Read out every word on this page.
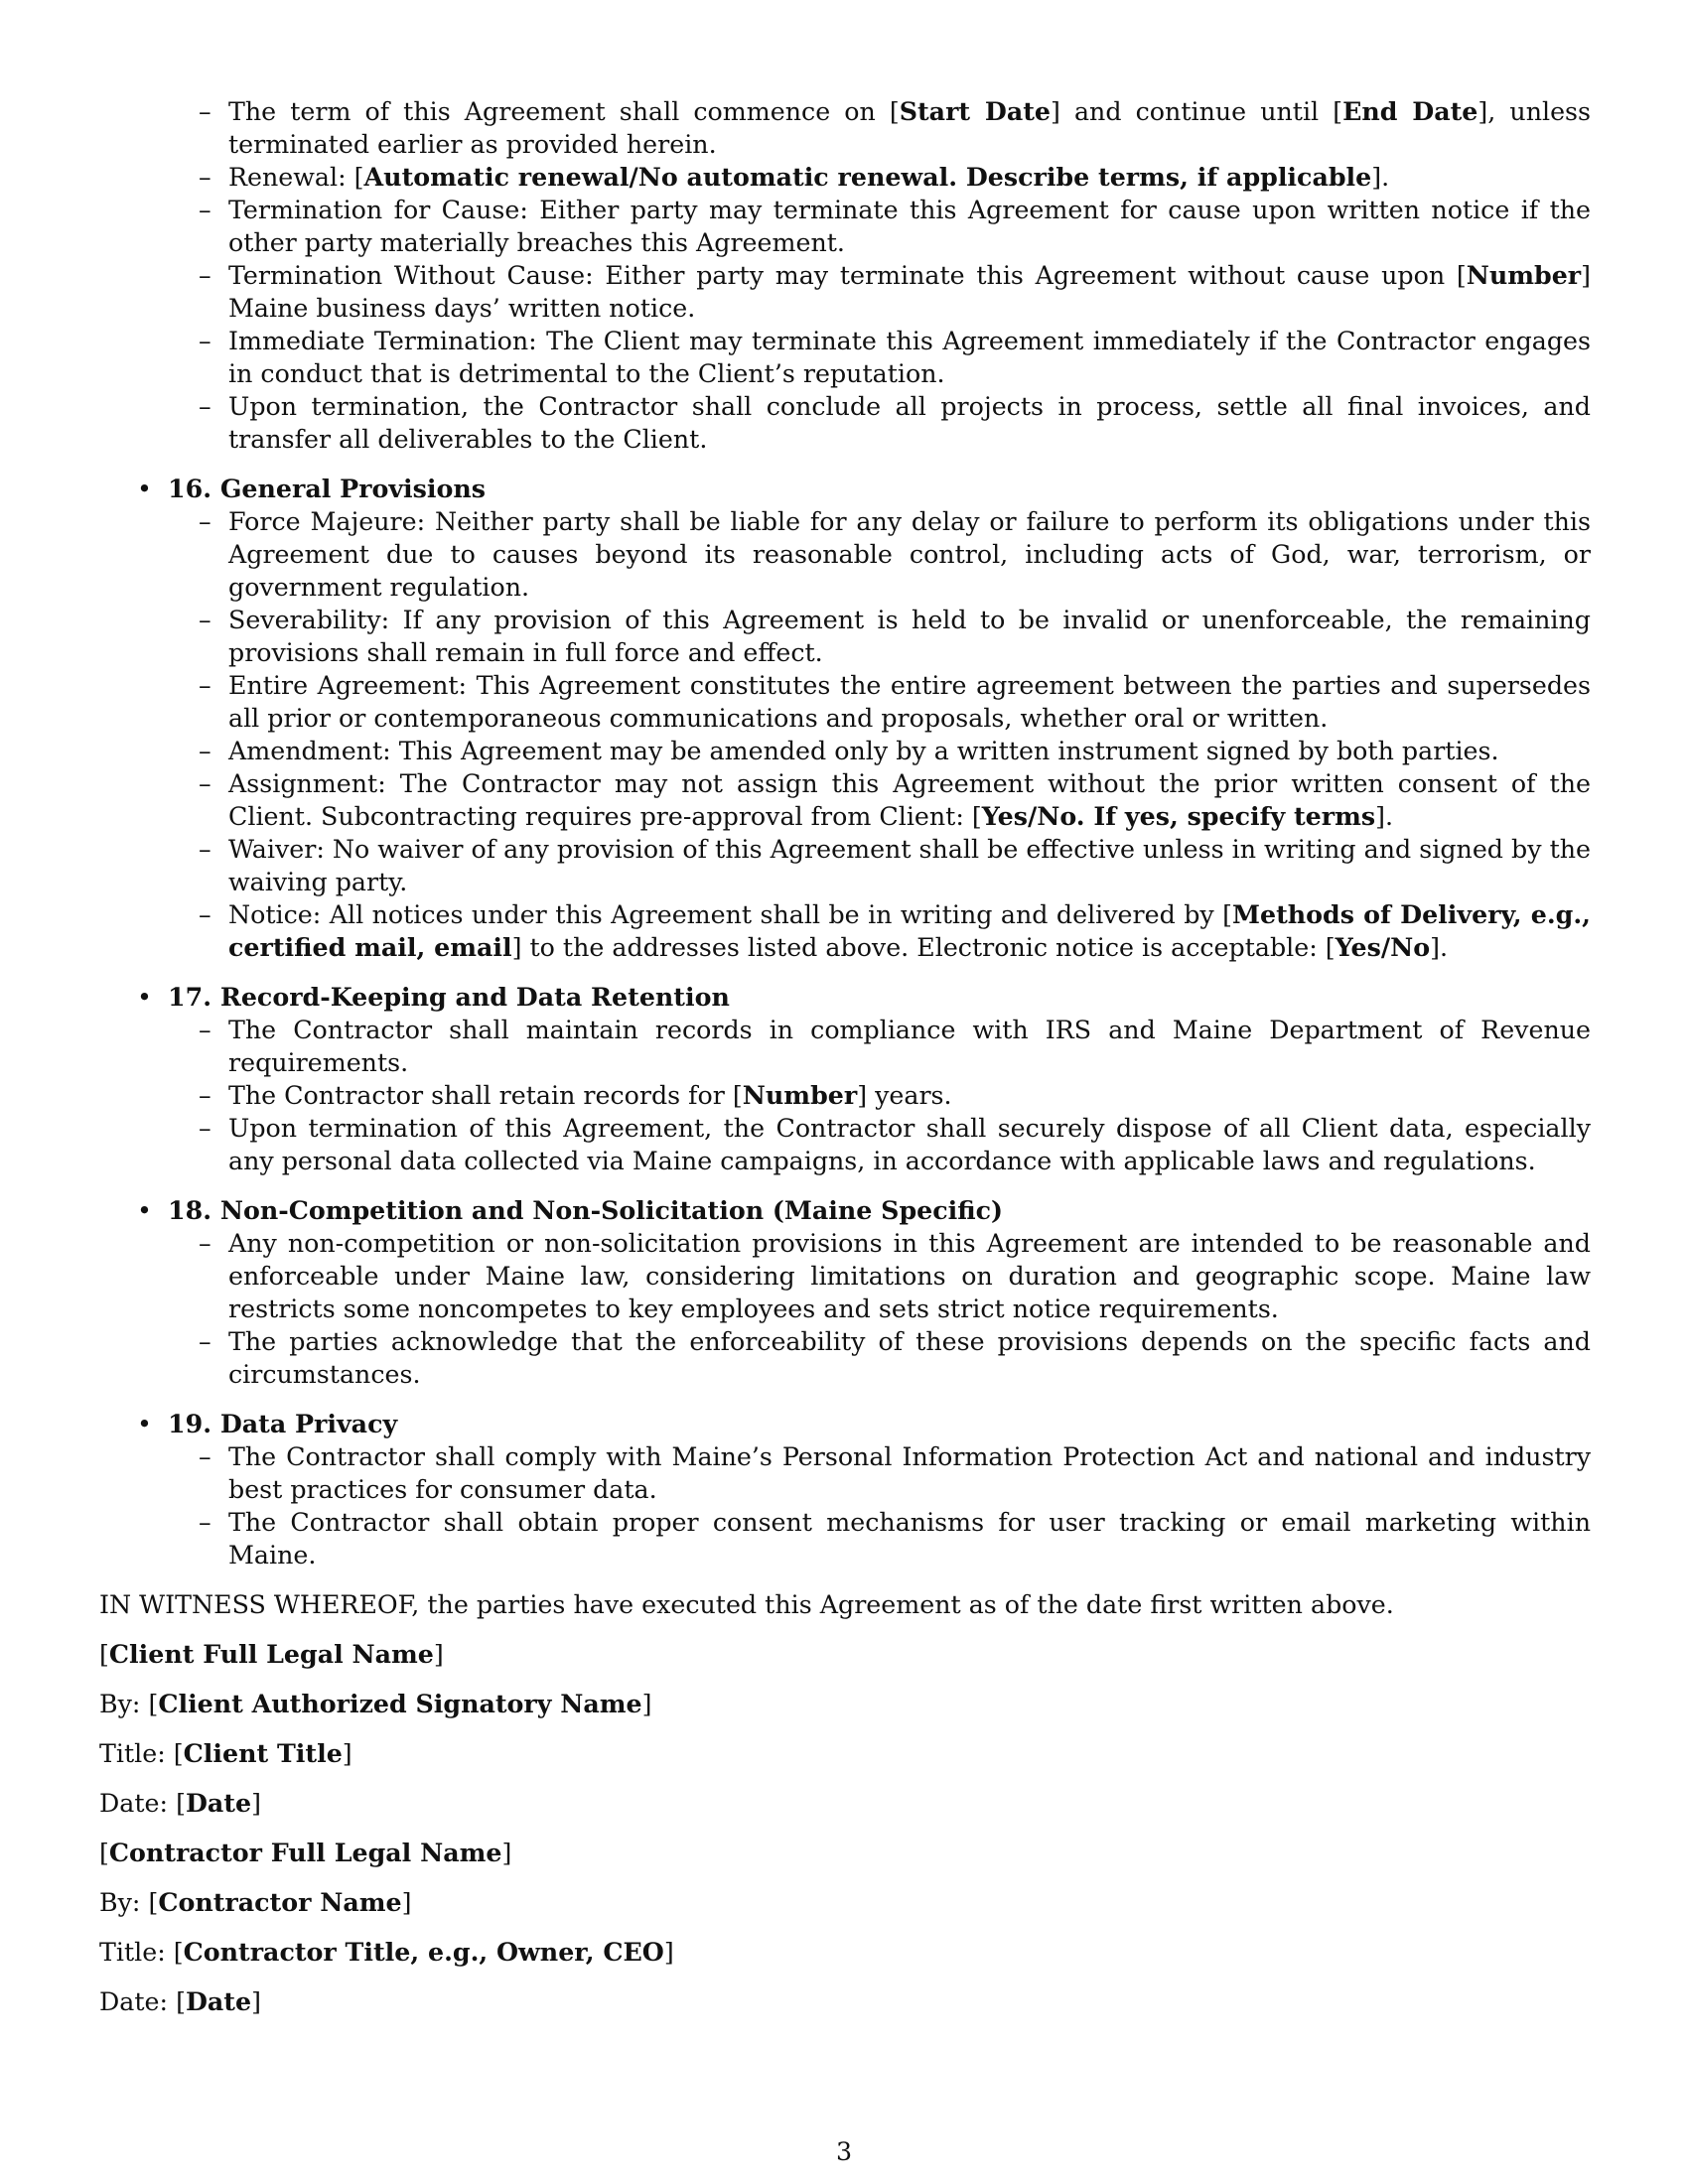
– The term of this Agreement shall commence on [Start Date] and continue until [End Date], unless terminated earlier as provided herein.
– Renewal: [Automatic renewal/No automatic renewal. Describe terms, if applicable].
– Termination for Cause: Either party may terminate this Agreement for cause upon written notice if the other party materially breaches this Agreement.
– Termination Without Cause: Either party may terminate this Agreement without cause upon [Number] Maine business days’ written notice.
– Immediate Termination: The Client may terminate this Agreement immediately if the Contractor engages in conduct that is detrimental to the Client’s reputation.
– Upon termination, the Contractor shall conclude all projects in process, settle all final invoices, and transfer all deliverables to the Client.
• 16. General Provisions
– Force Majeure: Neither party shall be liable for any delay or failure to perform its obligations under this Agreement due to causes beyond its reasonable control, including acts of God, war, terrorism, or government regulation.
– Severability: If any provision of this Agreement is held to be invalid or unenforceable, the remaining provisions shall remain in full force and effect.
– Entire Agreement: This Agreement constitutes the entire agreement between the parties and supersedes all prior or contemporaneous communications and proposals, whether oral or written.
– Amendment: This Agreement may be amended only by a written instrument signed by both parties.
– Assignment: The Contractor may not assign this Agreement without the prior written consent of the Client. Subcontracting requires pre-approval from Client: [Yes/No. If yes, specify terms].
– Waiver: No waiver of any provision of this Agreement shall be effective unless in writing and signed by the waiving party.
– Notice: All notices under this Agreement shall be in writing and delivered by [Methods of Delivery, e.g., certified mail, email] to the addresses listed above. Electronic notice is acceptable: [Yes/No].
• 17. Record-Keeping and Data Retention
– The Contractor shall maintain records in compliance with IRS and Maine Department of Revenue requirements.
– The Contractor shall retain records for [Number] years.
– Upon termination of this Agreement, the Contractor shall securely dispose of all Client data, especially any personal data collected via Maine campaigns, in accordance with applicable laws and regulations.
• 18. Non-Competition and Non-Solicitation (Maine Specific)
– Any non-competition or non-solicitation provisions in this Agreement are intended to be reasonable and enforceable under Maine law, considering limitations on duration and geographic scope. Maine law restricts some noncompetes to key employees and sets strict notice requirements.
– The parties acknowledge that the enforceability of these provisions depends on the specific facts and circumstances.
• 19. Data Privacy
– The Contractor shall comply with Maine’s Personal Information Protection Act and national and industry best practices for consumer data.
– The Contractor shall obtain proper consent mechanisms for user tracking or email marketing within Maine.
IN WITNESS WHEREOF, the parties have executed this Agreement as of the date first written above.
[Client Full Legal Name]
By: [Client Authorized Signatory Name]
Title: [Client Title]
Date: [Date]
[Contractor Full Legal Name]
By: [Contractor Name]
Title: [Contractor Title, e.g., Owner, CEO]
Date: [Date]
3
